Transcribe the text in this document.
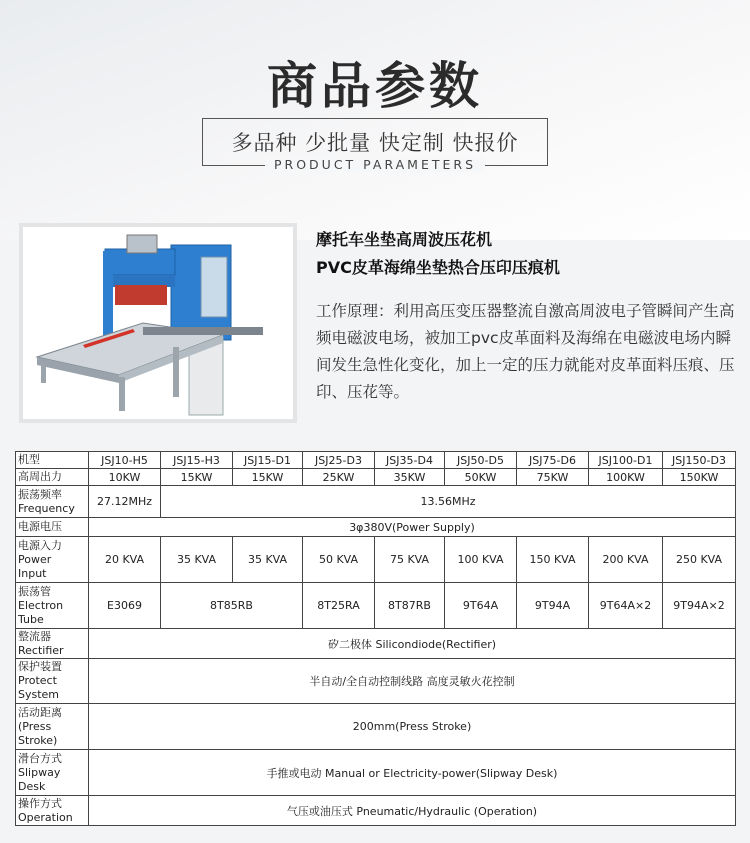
商品参数
多品种 少批量 快定制 快报价
PRODUCT PARAMETERS
摩托车坐垫高周波压花机
PVC皮革海绵坐垫热合压印压痕机
工作原理：利用高压变压器整流自激高周波电子管瞬间产生高频电磁波电场，被加工pvc皮革面料及海绵在电磁波电场内瞬间发生急性化变化，加上一定的压力就能对皮革面料压痕、压印、压花等。
机型	JSJ10-H5	JSJ15-H3	JSJ15-D1	JSJ25-D3	JSJ35-D4	JSJ50-D5	JSJ75-D6	JSJ100-D1	JSJ150-D3
高周出力	10KW	15KW	15KW	25KW	35KW	50KW	75KW	100KW	150KW

振荡频率
Frequency	27.12MHz	13.56MHz							
电源电压	3φ380V(Power Supply)								

电源入力
Power
Input	20 KVA	35 KVA	35 KVA	50 KVA	75 KVA	100 KVA	150 KVA	200 KVA	250 KVA

振荡管
Electron
Tube	E3069	8T85RB		8T25RA	8T87RB	9T64A	9T94A	9T64A×2	9T94A×2

整流器
Rectifier	矽二极体 Silicondiode(Rectifier)								

保护装置
Protect
System	半自动/全自动控制线路 高度灵敏火花控制								

活动距离
(Press
Stroke)	200mm(Press Stroke)								

滑台方式
Slipway
Desk	手推或电动 Manual or Electricity-power(Slipway Desk)								

操作方式
Operation	气压或油压式 Pneumatic/Hydraulic (Operation)								
